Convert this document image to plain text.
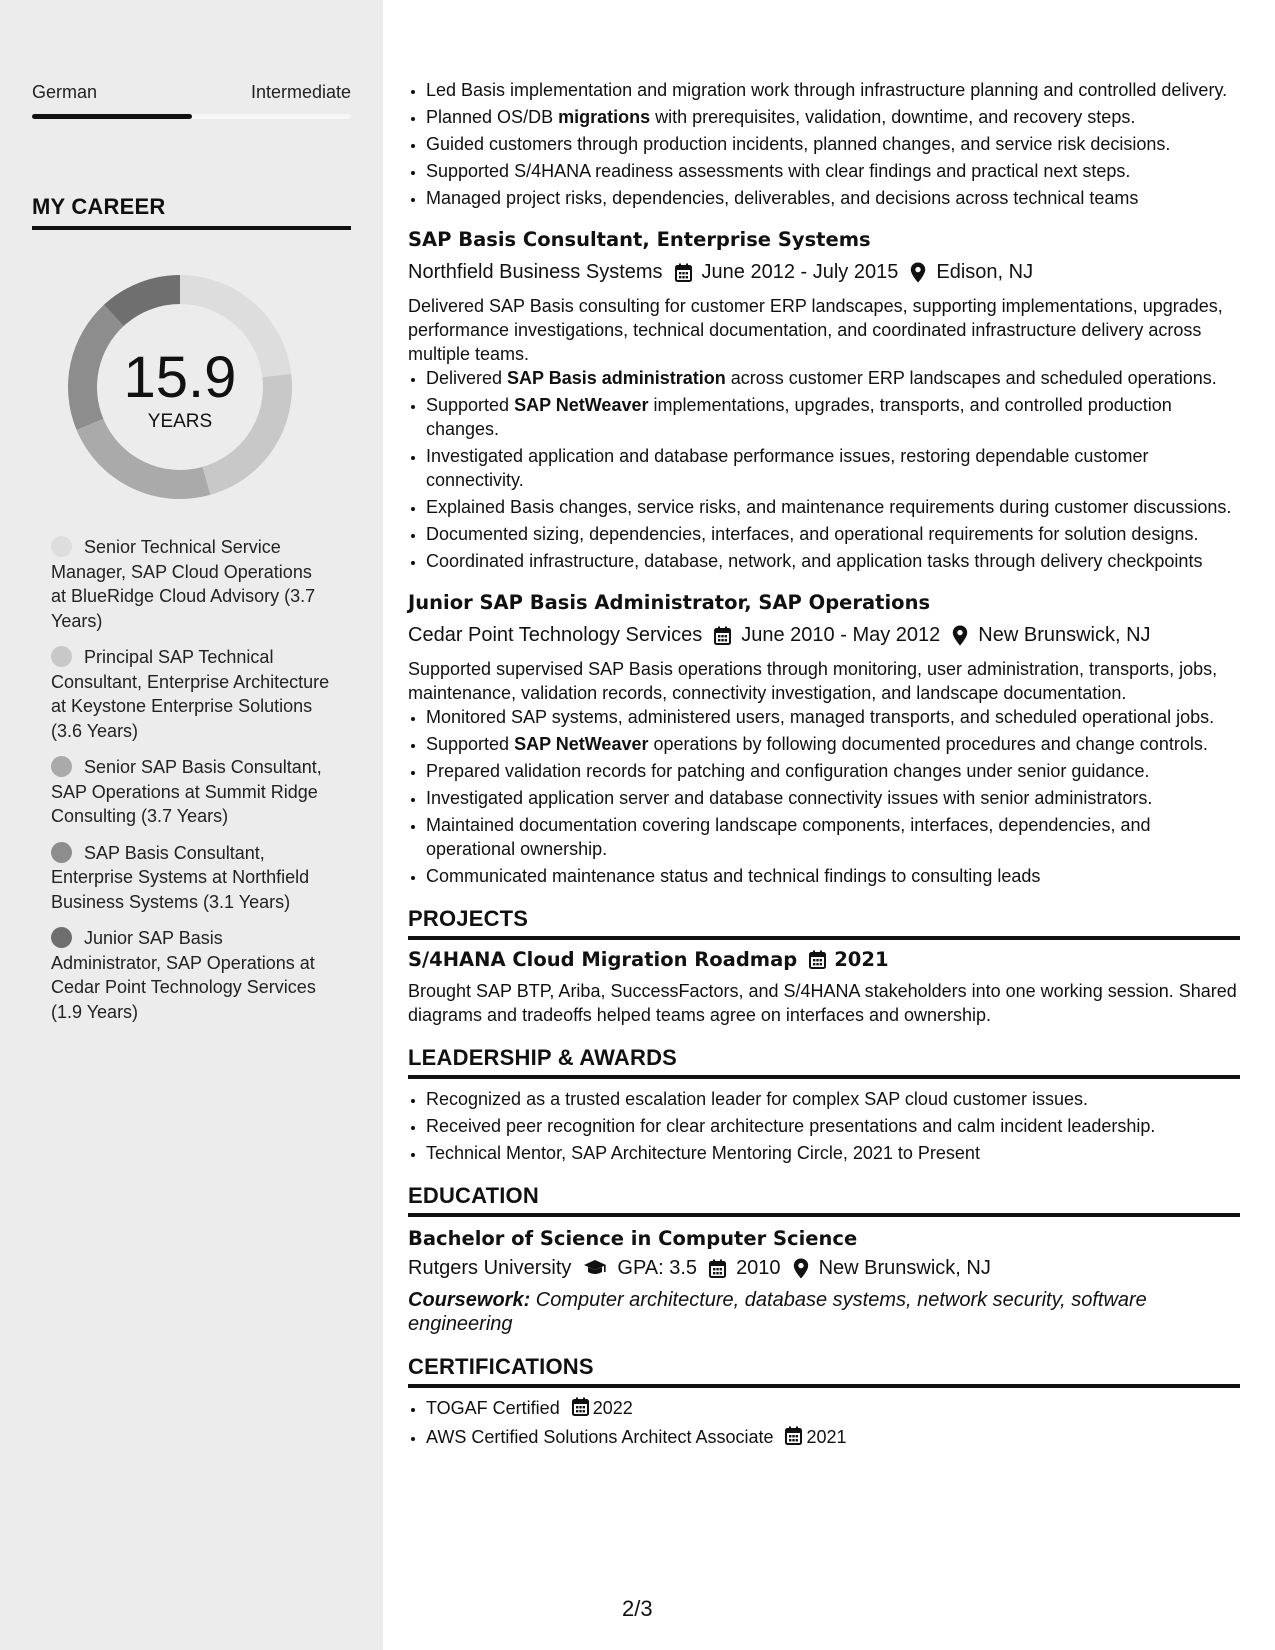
German	Intermediate
MY CAREER
15.9
YEARS
Senior Technical Service Manager, SAP Cloud Operations at BlueRidge Cloud Advisory (3.7 Years)
Principal SAP Technical Consultant, Enterprise Architecture at Keystone Enterprise Solutions (3.6 Years)
Senior SAP Basis Consultant, SAP Operations at Summit Ridge Consulting (3.7 Years)
SAP Basis Consultant, Enterprise Systems at Northfield Business Systems (3.1 Years)
Junior SAP Basis Administrator, SAP Operations at Cedar Point Technology Services (1.9 Years)
• Led Basis implementation and migration work through infrastructure planning and controlled delivery.
• Planned OS/DB migrations with prerequisites, validation, downtime, and recovery steps.
• Guided customers through production incidents, planned changes, and service risk decisions.
• Supported S/4HANA readiness assessments with clear findings and practical next steps.
• Managed project risks, dependencies, deliverables, and decisions across technical teams
SAP Basis Consultant, Enterprise Systems
Northfield Business Systems June 2012 - July 2015 Edison, NJ
Delivered SAP Basis consulting for customer ERP landscapes, supporting implementations, upgrades, performance investigations, technical documentation, and coordinated infrastructure delivery across multiple teams.
• Delivered SAP Basis administration across customer ERP landscapes and scheduled operations.
• Supported SAP NetWeaver implementations, upgrades, transports, and controlled production changes.
• Investigated application and database performance issues, restoring dependable customer connectivity.
• Explained Basis changes, service risks, and maintenance requirements during customer discussions.
• Documented sizing, dependencies, interfaces, and operational requirements for solution designs.
• Coordinated infrastructure, database, network, and application tasks through delivery checkpoints
Junior SAP Basis Administrator, SAP Operations
Cedar Point Technology Services June 2010 - May 2012 New Brunswick, NJ
Supported supervised SAP Basis operations through monitoring, user administration, transports, jobs, maintenance, validation records, connectivity investigation, and landscape documentation.
• Monitored SAP systems, administered users, managed transports, and scheduled operational jobs.
• Supported SAP NetWeaver operations by following documented procedures and change controls.
• Prepared validation records for patching and configuration changes under senior guidance.
• Investigated application server and database connectivity issues with senior administrators.
• Maintained documentation covering landscape components, interfaces, dependencies, and operational ownership.
• Communicated maintenance status and technical findings to consulting leads
PROJECTS
S/4HANA Cloud Migration Roadmap 2021
Brought SAP BTP, Ariba, SuccessFactors, and S/4HANA stakeholders into one working session. Shared diagrams and tradeoffs helped teams agree on interfaces and ownership.
LEADERSHIP & AWARDS
• Recognized as a trusted escalation leader for complex SAP cloud customer issues.
• Received peer recognition for clear architecture presentations and calm incident leadership.
• Technical Mentor, SAP Architecture Mentoring Circle, 2021 to Present
EDUCATION
Bachelor of Science in Computer Science
Rutgers University GPA: 3.5 2010 New Brunswick, NJ
Coursework: Computer architecture, database systems, network security, software engineering
CERTIFICATIONS
• TOGAF Certified 2022
• AWS Certified Solutions Architect Associate 2021
2/3
